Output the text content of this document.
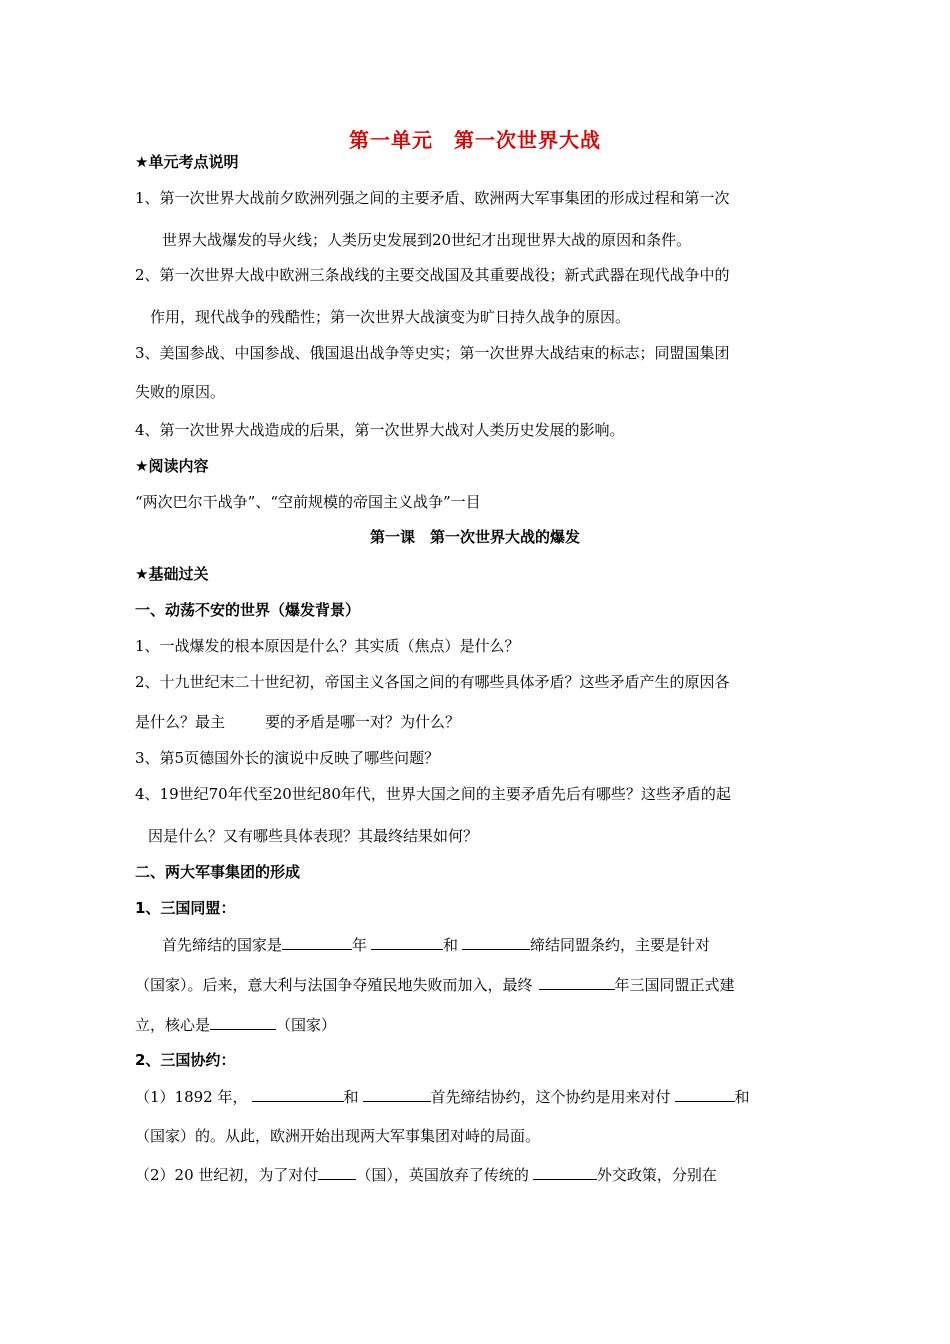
第一单元　第一次世界大战
★单元考点说明
1、第一次世界大战前夕欧洲列强之间的主要矛盾、欧洲两大军事集团的形成过程和第一次
世界大战爆发的导火线；人类历史发展到20世纪才出现世界大战的原因和条件。
2、第一次世界大战中欧洲三条战线的主要交战国及其重要战役；新式武器在现代战争中的
作用，现代战争的残酷性；第一次世界大战演变为旷日持久战争的原因。
3、美国参战、中国参战、俄国退出战争等史实；第一次世界大战结束的标志；同盟国集团
失败的原因。
4、第一次世界大战造成的后果，第一次世界大战对人类历史发展的影响。
★阅读内容
“两次巴尔干战争”、“空前规模的帝国主义战争”一目
第一课　第一次世界大战的爆发
★基础过关
一、动荡不安的世界（爆发背景）
1、一战爆发的根本原因是什么？其实质（焦点）是什么？
2、十九世纪末二十世纪初，帝国主义各国之间的有哪些具体矛盾？这些矛盾产生的原因各
是什么？最主	要的矛盾是哪一对？为什么？
3、第5页德国外长的演说中反映了哪些问题？
4、19世纪70年代至20世纪80年代，世界大国之间的主要矛盾先后有哪些？这些矛盾的起
因是什么？又有哪些具体表现？其最终结果如何？
二、两大军事集团的形成
1、三国同盟：
首先缔结的国家是	年	和	缔结同盟条约，主要是针对
（国家）。后来，意大利与法国争夺殖民地失败而加入，最终	年三国同盟正式建
立，核心是	（国家）
2、三国协约：
（1）1892 年，	和	首先缔结协约，这个协约是用来对付	和
（国家）的。从此，欧洲开始出现两大军事集团对峙的局面。
（2）20 世纪初，为了对付	（国），英国放弃了传统的	外交政策，分别在
